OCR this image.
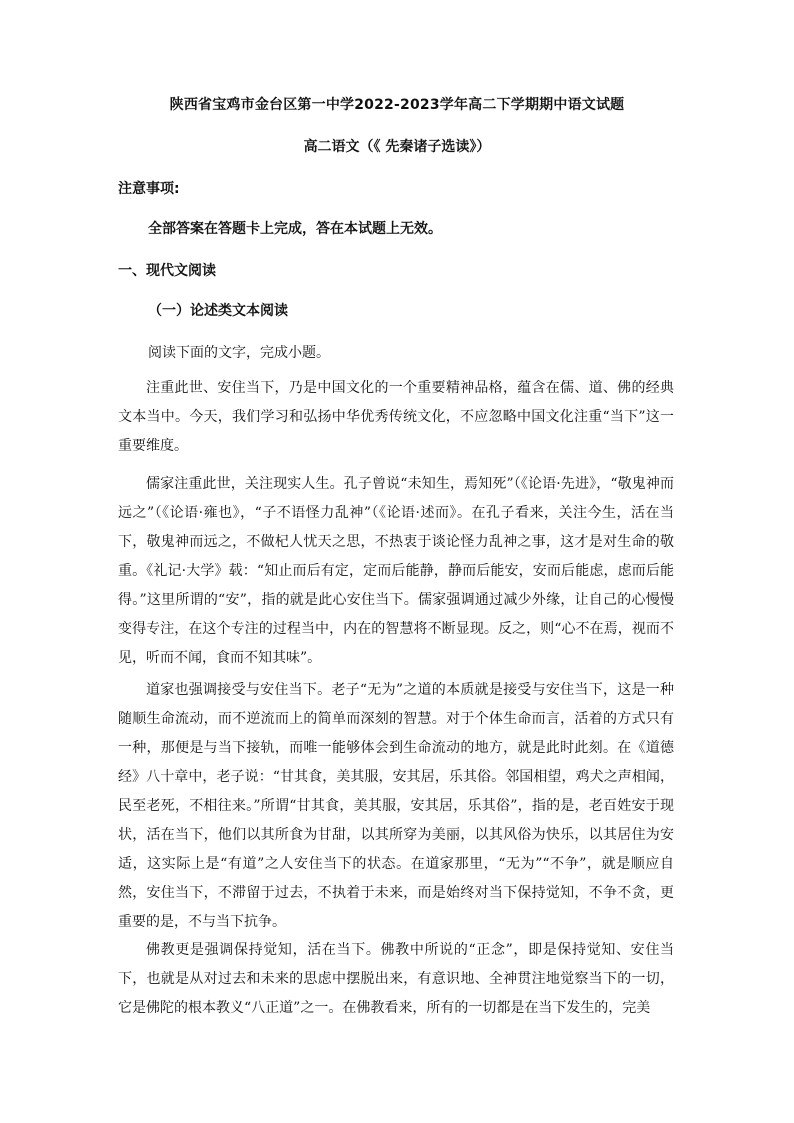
陕西省宝鸡市金台区第一中学2022-2023学年高二下学期期中语文试题
高二语文（《 先秦诸子选读》）
注意事项:
全部答案在答题卡上完成，答在本试题上无效。
一、现代文阅读
（一）论述类文本阅读
阅读下面的文字，完成小题。

注重此世、安住当下，乃是中国文化的一个重要精神品格，蕴含在儒、道、佛的经典文本当中。今天，我们学习和弘扬中华优秀传统文化，不应忽略中国文化注重“当下”这一重要维度。

儒家注重此世，关注现实人生。孔子曾说“未知生，焉知死”（《论语·先进》，“敬鬼神而远之”（《论语·雍也》，“子不语怪力乱神”（《论语·述而》。在孔子看来，关注今生，活在当下，敬鬼神而远之，不做杞人忧天之思，不热衷于谈论怪力乱神之事，这才是对生命的敬重。《礼记·大学》载：“知止而后有定，定而后能静，静而后能安，安而后能虑，虑而后能得。”这里所谓的“安”，指的就是此心安住当下。儒家强调通过减少外缘，让自己的心慢慢变得专注，在这个专注的过程当中，内在的智慧将不断显现。反之，则“心不在焉，视而不见，听而不闻，食而不知其味”。

道家也强调接受与安住当下。老子“无为”之道的本质就是接受与安住当下，这是一种随顺生命流动，而不逆流而上的简单而深刻的智慧。对于个体生命而言，活着的方式只有一种，那便是与当下接轨，而唯一能够体会到生命流动的地方，就是此时此刻。在《道德经》八十章中，老子说：“甘其食，美其服，安其居，乐其俗。邻国相望，鸡犬之声相闻，民至老死，不相往来。”所谓“甘其食，美其服，安其居，乐其俗”，指的是，老百姓安于现状，活在当下，他们以其所食为甘甜，以其所穿为美丽，以其风俗为快乐，以其居住为安适，这实际上是“有道”之人安住当下的状态。在道家那里，“无为”“不争”，就是顺应自然，安住当下，不滞留于过去，不执着于未来，而是始终对当下保持觉知，不争不贪，更重要的是，不与当下抗争。

佛教更是强调保持觉知，活在当下。佛教中所说的“正念”，即是保持觉知、安住当下，也就是从对过去和未来的思虑中摆脱出来，有意识地、全神贯注地觉察当下的一切，它是佛陀的根本教义“八正道”之一。在佛教看来，所有的一切都是在当下发生的，完美
